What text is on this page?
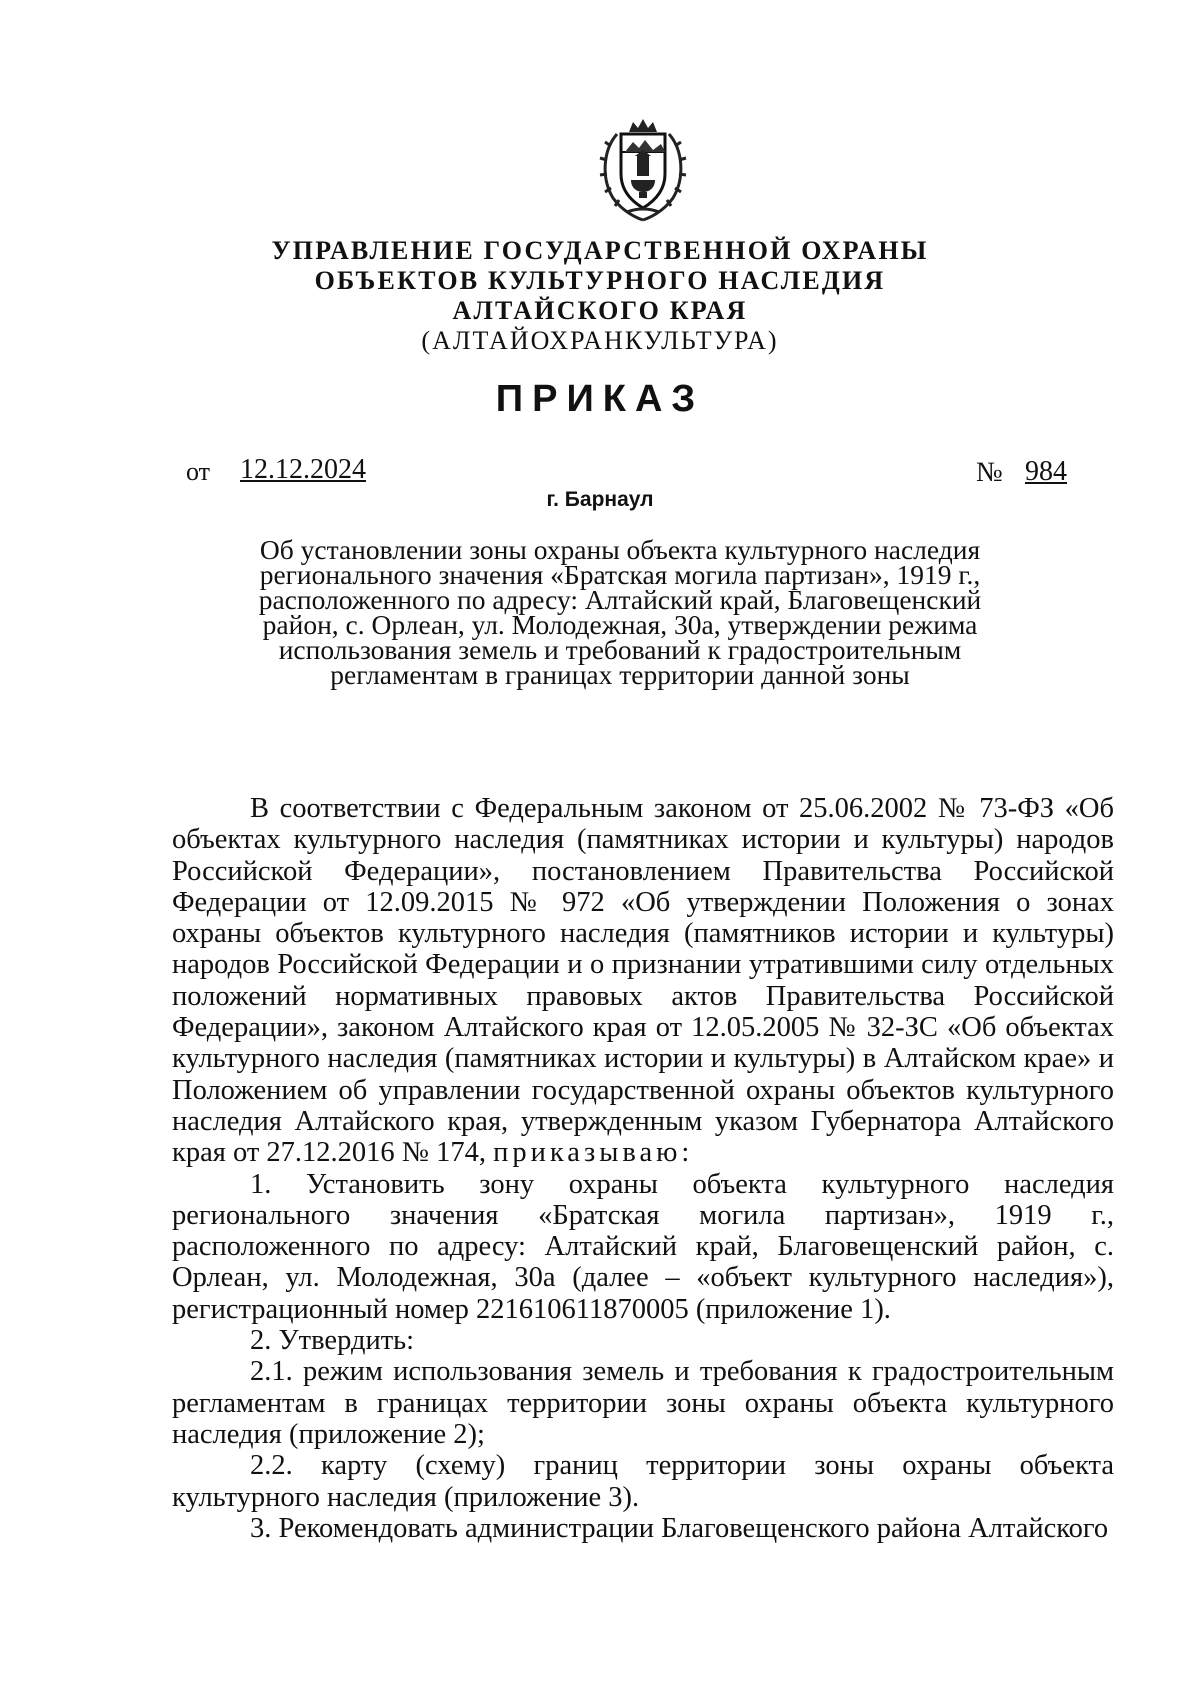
УПРАВЛЕНИЕ ГОСУДАРСТВЕННОЙ ОХРАНЫ
ОБЪЕКТОВ КУЛЬТУРНОГО НАСЛЕДИЯ
АЛТАЙСКОГО КРАЯ
(АЛТАЙОХРАНКУЛЬТУРА)
ПРИКАЗ
от 12.12.2024	№ 984
г. Барнаул
Об установлении зоны охраны объекта культурного наследия
регионального значения «Братская могила партизан», 1919 г.,
расположенного по адресу: Алтайский край, Благовещенский
район, с. Орлеан, ул. Молодежная, 30а, утверждении режима
использования земель и требований к градостроительным
регламентам в границах территории данной зоны

В соответствии с Федеральным законом от 25.06.2002 № 73-ФЗ «Об объектах культурного наследия (памятниках истории и культуры) народов Российской Федерации», постановлением Правительства Российской Федерации от 12.09.2015 № 972 «Об утверждении Положения о зонах охраны объектов культурного наследия (памятников истории и культуры) народов Российской Федерации и о признании утратившими силу отдельных положений нормативных правовых актов Правительства Российской Федерации», законом Алтайского края от 12.05.2005 № 32-ЗС «Об объектах культурного наследия (памятниках истории и культуры) в Алтайском крае» и Положением об управлении государственной охраны объектов культурного наследия Алтайского края, утвержденным указом Губернатора Алтайского края от 27.12.2016 № 174, приказываю:

1. Установить зону охраны объекта культурного наследия регионального значения «Братская могила партизан», 1919 г., расположенного по адресу: Алтайский край, Благовещенский район, с. Орлеан, ул. Молодежная, 30а (далее – «объект культурного наследия»), регистрационный номер 221610611870005 (приложение 1).

2. Утвердить:

2.1. режим использования земель и требования к градостроительным регламентам в границах территории зоны охраны объекта культурного наследия (приложение 2);

2.2. карту (схему) границ территории зоны охраны объекта культурного наследия (приложение 3).

3. Рекомендовать администрации Благовещенского района Алтайского
